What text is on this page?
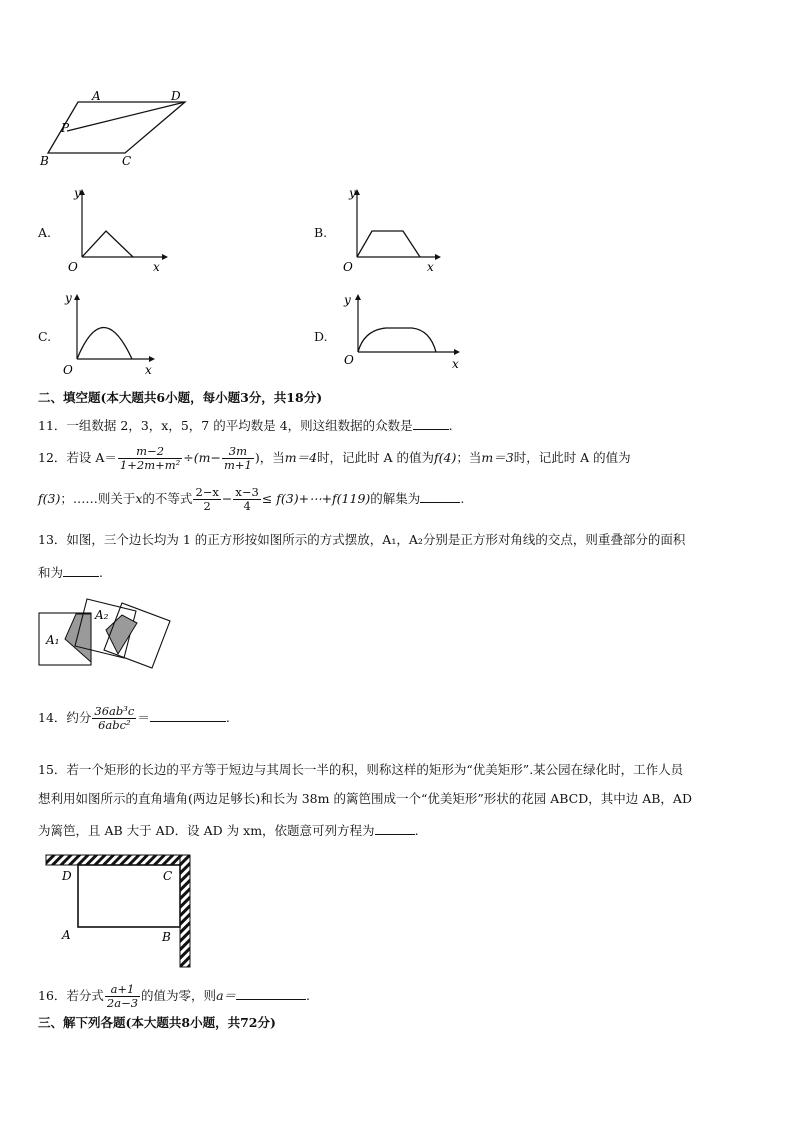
A	D
P
B	C
A.
y
x
O
B.
y
x
O
C.
y
x
O
D.
y
x
O
二、填空题(本大题共6小题，每小题3分，共18分)
11．一组数据 2，3，x，5，7 的平均数是 4，则这组数据的众数是	.
12．若设 $A= \frac{m-2}{\text{1+2m+m²}} \div(m- \frac{3m}{m+1}$ )，当m＝4时，记此时 A 的值为f(4)；当m＝3时，记此时 A 的值为
f(3)；……则关于x的不等式 $\frac{2-x}{2} - \frac{x-3}{4}$ ≤ f(3)+⋯+f(119)的解集为	.
13．如图，三个边长均为 1 的正方形按如图所示的方式摆放，A₁，A₂分别是正方形对角线的交点，则重叠部分的面积
和为	.
A₁
A₂
14．约分 $\frac{\text{36ab³c}}{\text{6abc²}}$ ＝	.
15．若一个矩形的长边的平方等于短边与其周长一半的积，则称这样的矩形为“优美矩形”.某公园在绿化时，工作人员
想利用如图所示的直角墙角(两边足够长)和长为 38m 的篱笆围成一个“优美矩形”形状的花园 ABCD，其中边 AB，AD
为篱笆，且 AB 大于 AD．设 AD 为 xm，依题意可列方程为	.
D	C
A	B
16．若分式 $\frac{a+1}{2a-3}$ 的值为零，则a＝	.
三、解下列各题(本大题共8小题，共72分)
